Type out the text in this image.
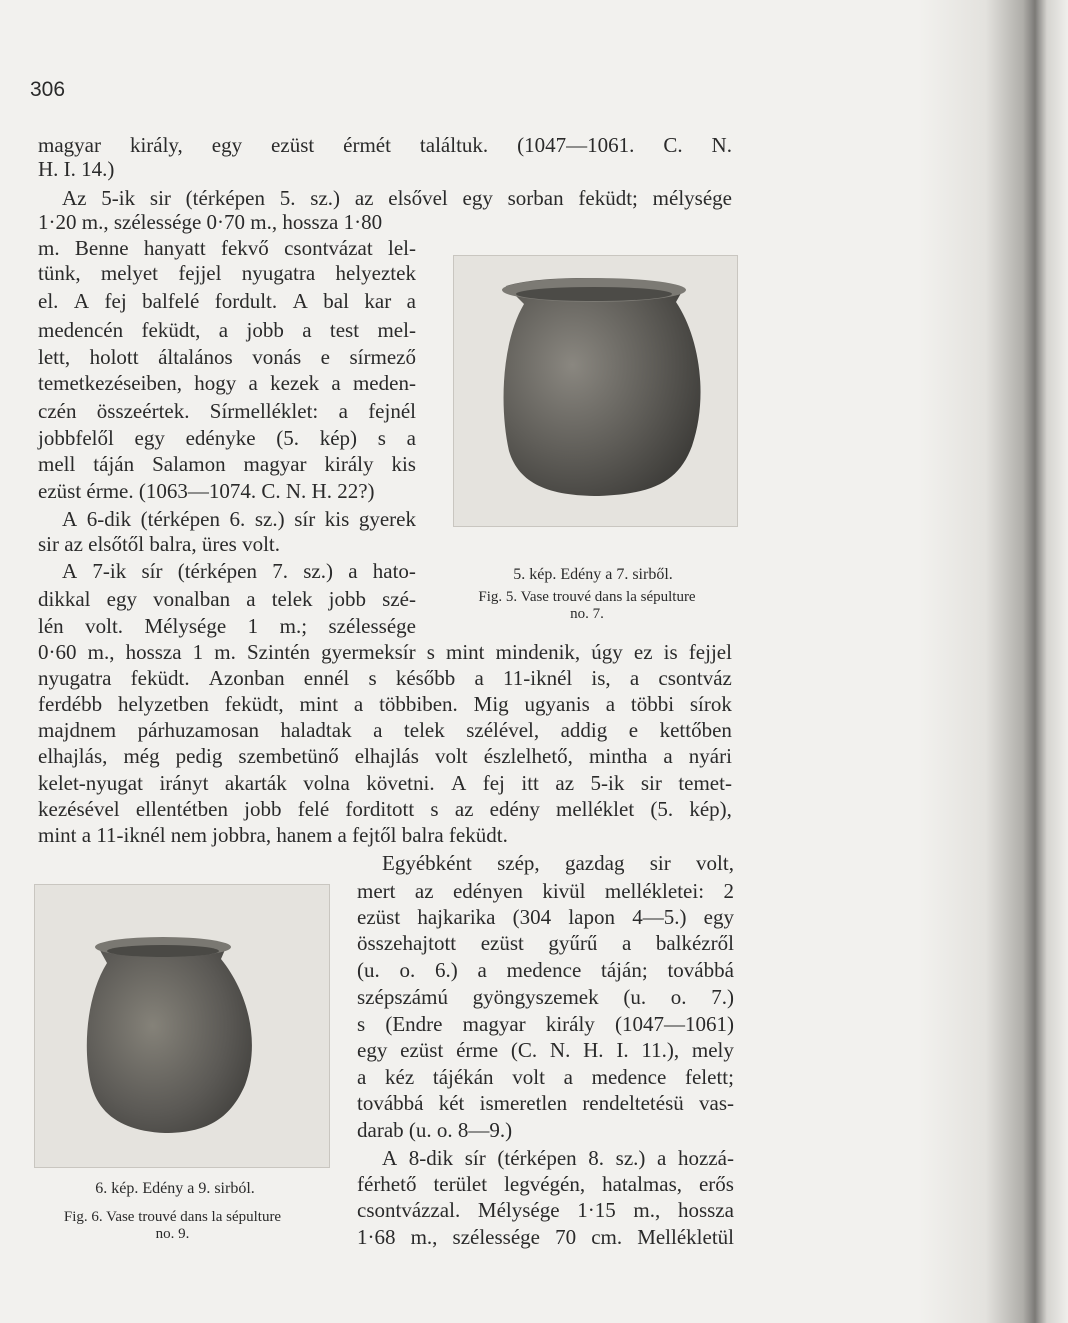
306
magyar király, egy ezüst érmét találtuk. (1047—1061. C. N.
H. I. 14.)
Az 5-ik sir (térképen 5. sz.) az elsővel egy sorban feküdt; mélysége
1·20 m., szélessége 0·70 m., hossza 1·80
m. Benne hanyatt fekvő csontvázat lel-
tünk, melyet fejjel nyugatra helyeztek
el. A fej balfelé fordult. A bal kar a
medencén feküdt, a jobb a test mel-
lett, holott általános vonás e sírmező
temetkezéseiben, hogy a kezek a meden-
czén összeértek. Sírmelléklet: a fejnél
jobbfelől egy edényke (5. kép) s a
mell táján Salamon magyar király kis
ezüst érme. (1063—1074. C. N. H. 22?)
A 6-dik (térképen 6. sz.) sír kis gyerek
sir az elsőtől balra, üres volt.
A 7-ik sír (térképen 7. sz.) a hato-
dikkal egy vonalban a telek jobb szé-
lén volt. Mélysége 1 m.; szélessége
0·60 m., hossza 1 m. Szintén gyermeksír s mint mindenik, úgy ez is fejjel
nyugatra feküdt. Azonban ennél s később a 11-iknél is, a csontváz
ferdébb helyzetben feküdt, mint a többiben. Mig ugyanis a többi sírok
majdnem párhuzamosan haladtak a telek szélével, addig e kettőben
elhajlás, még pedig szembetünő elhajlás volt észlelhető, mintha a nyári
kelet-nyugat irányt akarták volna követni. A fej itt az 5-ik sir temet-
kezésével ellentétben jobb felé forditott s az edény melléklet (5. kép),
mint a 11-iknél nem jobbra, hanem a fejtől balra feküdt.
Egyébként szép, gazdag sir volt,
mert az edényen kivül mellékletei: 2
ezüst hajkarika (304 lapon 4—5.) egy
összehajtott ezüst gyűrű a balkézről
(u. o. 6.) a medence táján; továbbá
szépszámú gyöngyszemek (u. o. 7.)
s (Endre magyar király (1047—1061)
egy ezüst érme (C. N. H. I. 11.), mely
a kéz tájékán volt a medence felett;
továbbá két ismeretlen rendeltetésü vas-
darab (u. o. 8—9.)
A 8-dik sír (térképen 8. sz.) a hozzá-
férhető terület legvégén, hatalmas, erős
csontvázzal. Mélysége 1·15 m., hossza
1·68 m., szélessége 70 cm. Mellékletül
5. kép. Edény a 7. sirből.
Fig. 5. Vase trouvé dans la sépulture
no. 7.
6. kép. Edény a 9. sirból.
Fig. 6. Vase trouvé dans la sépulture
no. 9.
